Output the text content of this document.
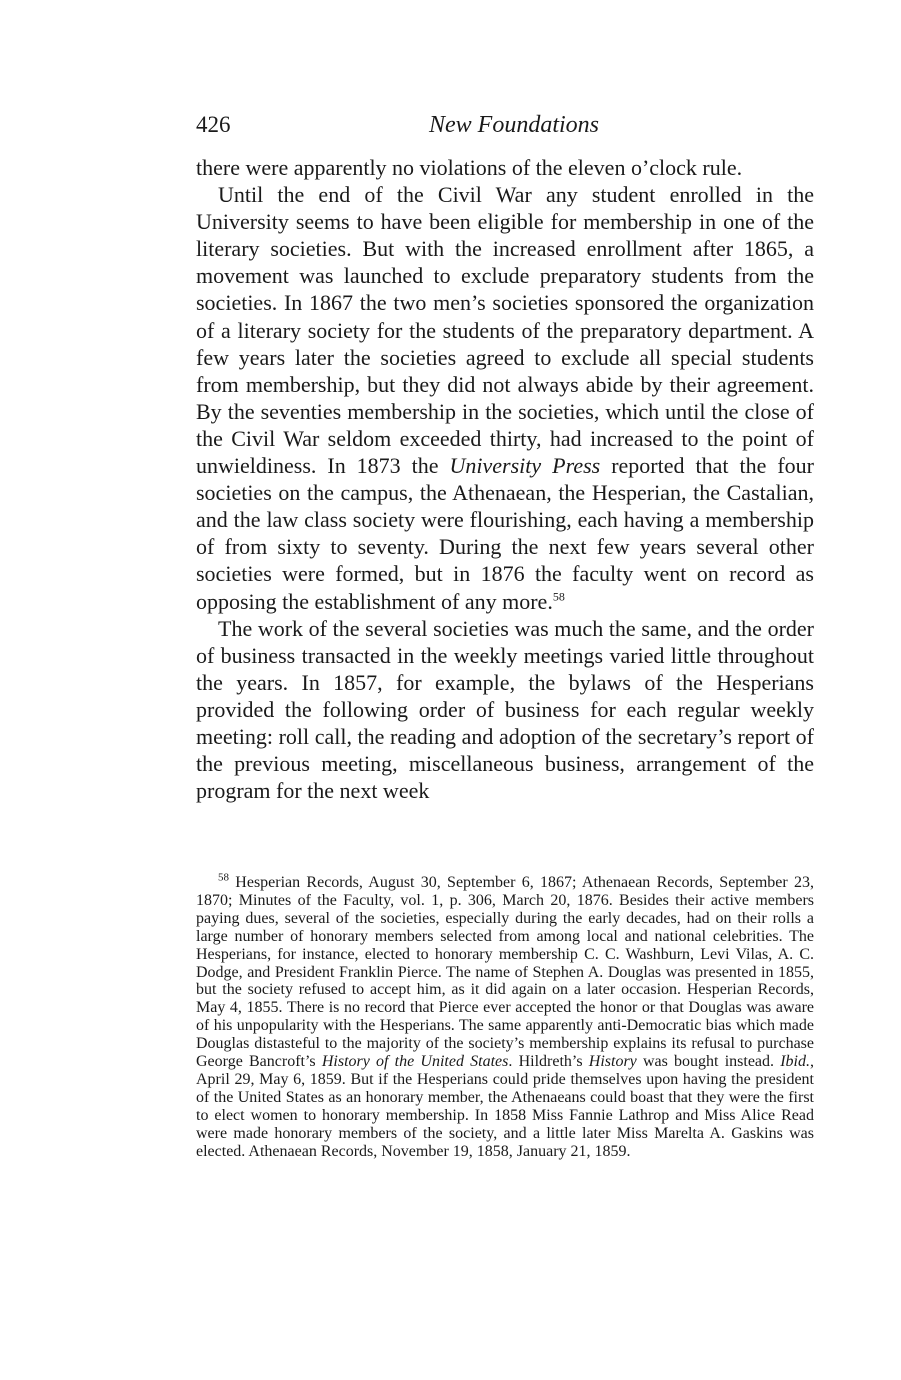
426	New Foundations

there were apparently no violations of the eleven o’clock rule.

Until the end of the Civil War any student enrolled in the University seems to have been eligible for membership in one of the literary societies. But with the increased enrollment after 1865, a movement was launched to exclude preparatory students from the societies. In 1867 the two men’s societies sponsored the organization of a literary society for the students of the preparatory department. A few years later the societies agreed to exclude all special students from membership, but they did not always abide by their agreement. By the seventies membership in the societies, which until the close of the Civil War seldom exceeded thirty, had increased to the point of unwieldiness. In 1873 the University Press reported that the four societies on the campus, the Athenaean, the Hesperian, the Castalian, and the law class society were flourishing, each having a membership of from sixty to seventy. During the next few years several other societies were formed, but in 1876 the faculty went on record as opposing the establishment of any more.$^{58}$

The work of the several societies was much the same, and the order of business transacted in the weekly meetings varied little throughout the years. In 1857, for example, the bylaws of the Hesperians provided the following order of business for each regular weekly meeting: roll call, the reading and adoption of the secretary’s report of the previous meeting, miscellaneous business, arrangement of the program for the next week

$^{58}$ Hesperian Records, August 30, September 6, 1867; Athenaean Records, September 23, 1870; Minutes of the Faculty, vol. 1, p. 306, March 20, 1876. Besides their active members paying dues, several of the societies, especially during the early decades, had on their rolls a large number of honorary members selected from among local and national celebrities. The Hesperians, for instance, elected to honorary membership C. C. Washburn, Levi Vilas, A. C. Dodge, and President Franklin Pierce. The name of Stephen A. Douglas was presented in 1855, but the society refused to accept him, as it did again on a later occasion. Hesperian Records, May 4, 1855. There is no record that Pierce ever accepted the honor or that Douglas was aware of his unpopularity with the Hesperians. The same apparently anti-Democratic bias which made Douglas distasteful to the majority of the society’s membership explains its refusal to purchase George Bancroft’s History of the United States. Hildreth’s History was bought instead. Ibid., April 29, May 6, 1859. But if the Hesperians could pride themselves upon having the president of the United States as an honorary member, the Athenaeans could boast that they were the first to elect women to honorary membership. In 1858 Miss Fannie Lathrop and Miss Alice Read were made honorary members of the society, and a little later Miss Marelta A. Gaskins was elected. Athenaean Records, November 19, 1858, January 21, 1859.
